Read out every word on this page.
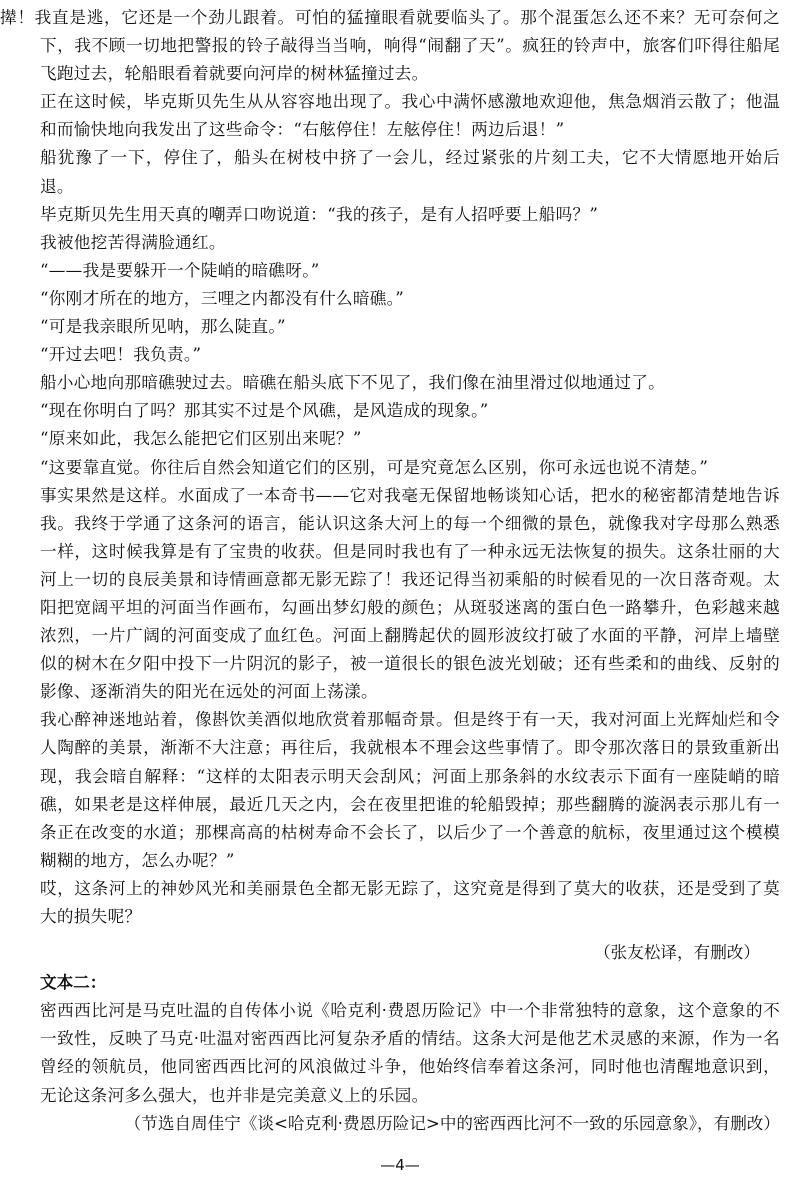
撵！我直是逃，它还是一个劲儿跟着。可怕的猛撞眼看就要临头了。那个混蛋怎么还不来？无可奈何之下，我不顾一切地把警报的铃子敲得当当响，响得“闹翻了天”。疯狂的铃声中，旅客们吓得往船尾飞跑过去，轮船眼看着就要向河岸的树林猛撞过去。

正在这时候，毕克斯贝先生从从容容地出现了。我心中满怀感激地欢迎他，焦急烟消云散了；他温和而愉快地向我发出了这些命令：“右舷停住！左舷停住！两边后退！”

船犹豫了一下，停住了，船头在树枝中挤了一会儿，经过紧张的片刻工夫，它不大情愿地开始后退。

毕克斯贝先生用天真的嘲弄口吻说道：“我的孩子，是有人招呼要上船吗？”

我被他挖苦得满脸通红。

“——我是要躲开一个陡峭的暗礁呀。”

“你刚才所在的地方，三哩之内都没有什么暗礁。”

“可是我亲眼所见呐，那么陡直。”

“开过去吧！我负责。”

船小心地向那暗礁驶过去。暗礁在船头底下不见了，我们像在油里滑过似地通过了。

“现在你明白了吗？那其实不过是个风礁，是风造成的现象。”

“原来如此，我怎么能把它们区别出来呢？”

“这要靠直觉。你往后自然会知道它们的区别，可是究竟怎么区别，你可永远也说不清楚。”

事实果然是这样。水面成了一本奇书——它对我毫无保留地畅谈知心话，把水的秘密都清楚地告诉我。我终于学通了这条河的语言，能认识这条大河上的每一个细微的景色，就像我对字母那么熟悉一样，这时候我算是有了宝贵的收获。但是同时我也有了一种永远无法恢复的损失。这条壮丽的大河上一切的良辰美景和诗情画意都无影无踪了！我还记得当初乘船的时候看见的一次日落奇观。太阳把宽阔平坦的河面当作画布，勾画出梦幻般的颜色；从斑驳迷离的蛋白色一路攀升，色彩越来越浓烈，一片广阔的河面变成了血红色。河面上翻腾起伏的圆形波纹打破了水面的平静，河岸上墙壁似的树木在夕阳中投下一片阴沉的影子，被一道很长的银色波光划破；还有些柔和的曲线、反射的影像、逐渐消失的阳光在远处的河面上荡漾。

我心醉神迷地站着，像斟饮美酒似地欣赏着那幅奇景。但是终于有一天，我对河面上光辉灿烂和令人陶醉的美景，渐渐不大注意；再往后，我就根本不理会这些事情了。即令那次落日的景致重新出现，我会暗自解释：“这样的太阳表示明天会刮风；河面上那条斜的水纹表示下面有一座陡峭的暗礁，如果老是这样伸展，最近几天之内，会在夜里把谁的轮船毁掉；那些翻腾的漩涡表示那儿有一条正在改变的水道；那棵高高的枯树寿命不会长了，以后少了一个善意的航标，夜里通过这个模模糊糊的地方，怎么办呢？”

哎，这条河上的神妙风光和美丽景色全都无影无踪了，这究竟是得到了莫大的收获，还是受到了莫大的损失呢？

（张友松译，有删改）

文本二：

密西西比河是马克吐温的自传体小说《哈克利·费恩历险记》中一个非常独特的意象，这个意象的不一致性，反映了马克·吐温对密西西比河复杂矛盾的情结。这条大河是他艺术灵感的来源，作为一名曾经的领航员，他同密西西比河的风浪做过斗争，他始终信奉着这条河，同时他也清醒地意识到，无论这条河多么强大，也并非是完美意义上的乐园。

（节选自周佳宁《谈<哈克利·费恩历险记>中的密西西比河不一致的乐园意象》，有删改）
—4—
